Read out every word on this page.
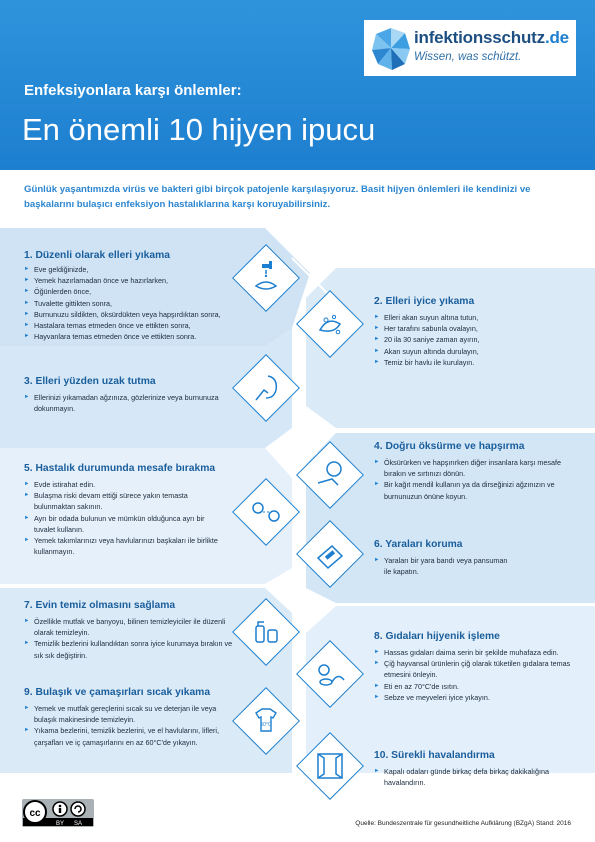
infektionsschutz.de
Wissen, was schützt.
Enfeksiyonlara karşı önlemler:
En önemli 10 hijyen ipucu
Günlük yaşantımızda virüs ve bakteri gibi birçok patojenle karşılaşıyoruz. Basit hijyen önlemleri ile kendinizi ve başkalarını bulaşıcı enfeksiyon hastalıklarına karşı koruyabilirsiniz.
1. Düzenli olarak elleri yıkama
► Eve geldiğinizde,
► Yemek hazırlamadan önce ve hazırlarken,
► Öğünlerden önce,
► Tuvalette gittikten sonra,
► Burnunuzu sildikten, öksürdükten veya hapşırdıktan sonra,
► Hastalara temas etmeden önce ve ettikten sonra,
► Hayvanlara temas etmeden önce ve ettikten sonra.
2. Elleri iyice yıkama
► Elleri akan suyun altına tutun,
► Her tarafını sabunla ovalayın,
► 20 ila 30 saniye zaman ayırın,
► Akan suyun altında durulayın,
► Temiz bir havlu ile kurulayın.
3. Elleri yüzden uzak tutma
► Ellerinizi yıkamadan ağzınıza, gözlerinize veya burnunuza dokunmayın.
4. Doğru öksürme ve hapşırma
► Öksürürken ve hapşırırken diğer insanlara karşı mesafe bırakın ve sırtınızı dönün.
► Bir kağıt mendil kullanın ya da dirseğinizi ağzınızın ve burnunuzun önüne koyun.
5. Hastalık durumunda mesafe bırakma
► Evde istirahat edin.
► Bulaşma riski devam ettiği sürece yakın temasta bulunmaktan sakının.
► Ayrı bir odada bulunun ve mümkün olduğunca ayrı bir tuvalet kullanın.
► Yemek takımlarınızı veya havlularınızı başkaları ile birlikte kullanmayın.
6. Yaraları koruma
► Yaraları bir yara bandı veya pansuman ile kapatın.
7. Evin temiz olmasını sağlama
► Özellikle mutfak ve banyoyu, bilinen temizleyiciler ile düzenli olarak temizleyin.
► Temizlik bezlerini kullandıktan sonra iyice kurumaya bırakın ve sık sık değiştirin.
8. Gıdaları hijyenik işleme
► Hassas gıdaları daima serin bir şekilde muhafaza edin.
► Çiğ hayvansal ürünlerin çiğ olarak tüketilen gıdalara temas etmesini önleyin.
► Eti en az 70°C'de ısıtın.
► Sebze ve meyveleri iyice yıkayın.
9. Bulaşık ve çamaşırları sıcak yıkama
► Yemek ve mutfak gereçlerini sıcak su ve deterjan ile veya bulaşık makinesinde temizleyin.
► Yıkama bezlerini, temizlik bezlerini, ve el havlularını, lifleri, çarşafları ve iç çamaşırlarını en az 60°C'de yıkayın.
60°C
10. Sürekli havalandırma
► Kapalı odaları günde birkaç defa birkaç dakikalığına havalandırın.
cc
BY SA	Quelle: Bundeszentrale für gesundheitliche Aufklärung (BZgA) Stand: 2016
